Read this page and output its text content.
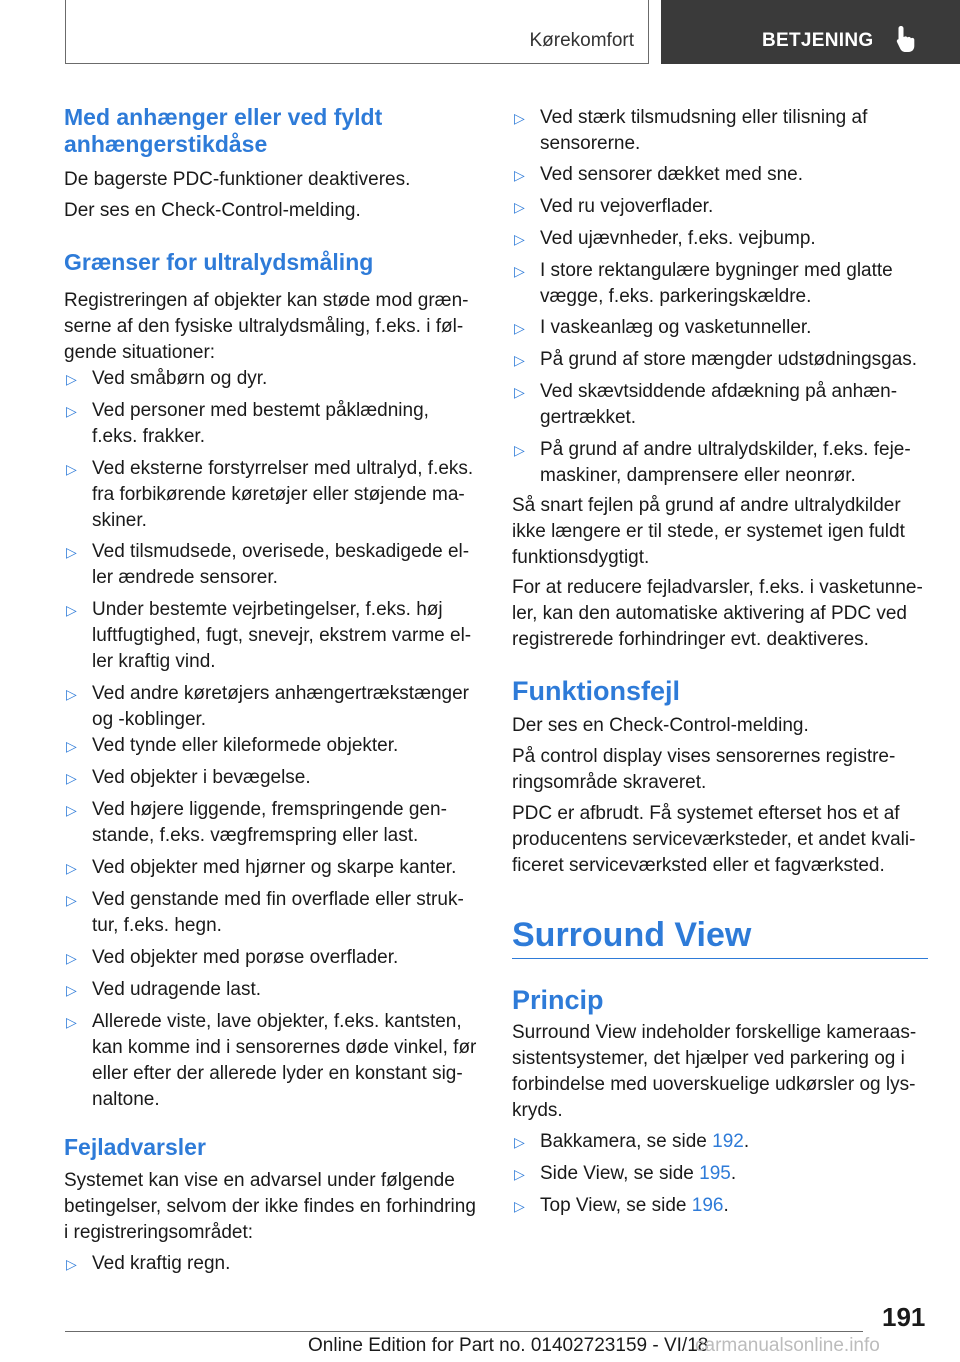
Kørekomfort	BETJENING
Med anhænger eller ved fyldt anhængerstikdåse
De bagerste PDC-funktioner deaktiveres.
Der ses en Check-Control-melding.
Grænser for ultralydsmåling
Registreringen af objekter kan støde mod græn-
serne af den fysiske ultralydsmåling, f.eks. i føl-
gende situationer:
▷ Ved småbørn og dyr.
▷ Ved personer med bestemt påklædning,
f.eks. frakker.
▷ Ved eksterne forstyrrelser med ultralyd, f.eks.
fra forbikørende køretøjer eller støjende ma-
skiner.
▷ Ved tilsmudsede, overisede, beskadigede el-
ler ændrede sensorer.
▷ Under bestemte vejrbetingelser, f.eks. høj
luftfugtighed, fugt, snevejr, ekstrem varme el-
ler kraftig vind.
▷ Ved andre køretøjers anhængertrækstænger
og -koblinger.
▷ Ved tynde eller kileformede objekter.
▷ Ved objekter i bevægelse.
▷ Ved højere liggende, fremspringende gen-
stande, f.eks. vægfremspring eller last.
▷ Ved objekter med hjørner og skarpe kanter.
▷ Ved genstande med fin overflade eller struk-
tur, f.eks. hegn.
▷ Ved objekter med porøse overflader.
▷ Ved udragende last.
▷ Allerede viste, lave objekter, f.eks. kantsten,
kan komme ind i sensorernes døde vinkel, før
eller efter der allerede lyder en konstant sig-
naltone.
Fejladvarsler
Systemet kan vise en advarsel under følgende
betingelser, selvom der ikke findes en forhindring
i registreringsområdet:
▷ Ved kraftig regn.
▷ Ved stærk tilsmudsning eller tilisning af
sensorerne.
▷ Ved sensorer dækket med sne.
▷ Ved ru vejoverflader.
▷ Ved ujævnheder, f.eks. vejbump.
▷ I store rektangulære bygninger med glatte
vægge, f.eks. parkeringskældre.
▷ I vaskeanlæg og vasketunneller.
▷ På grund af store mængder udstødningsgas.
▷ Ved skævtsiddende afdækning på anhæn-
gertrækket.
▷ På grund af andre ultralydskilder, f.eks. feje-
maskiner, damprensere eller neonrør.
Så snart fejlen på grund af andre ultralydkilder
ikke længere er til stede, er systemet igen fuldt
funktionsdygtigt.
For at reducere fejladvarsler, f.eks. i vasketunne-
ler, kan den automatiske aktivering af PDC ved
registrerede forhindringer evt. deaktiveres.
Funktionsfejl
Der ses en Check-Control-melding.
På control display vises sensorernes registre-
ringsområde skraveret.
PDC er afbrudt. Få systemet efterset hos et af
producentens serviceværksteder, et andet kvali-
ficeret serviceværksted eller et fagværksted.
Surround View
Princip
Surround View indeholder forskellige kameraas-
sistentsystemer, det hjælper ved parkering og i
forbindelse med uoverskuelige udkørsler og lys-
kryds.
▷ Bakkamera, se side 192.
▷ Side View, se side 195.
▷ Top View, se side 196.
191
Online Edition for Part no. 01402723159 - VI/18
carmanualsonline.info
